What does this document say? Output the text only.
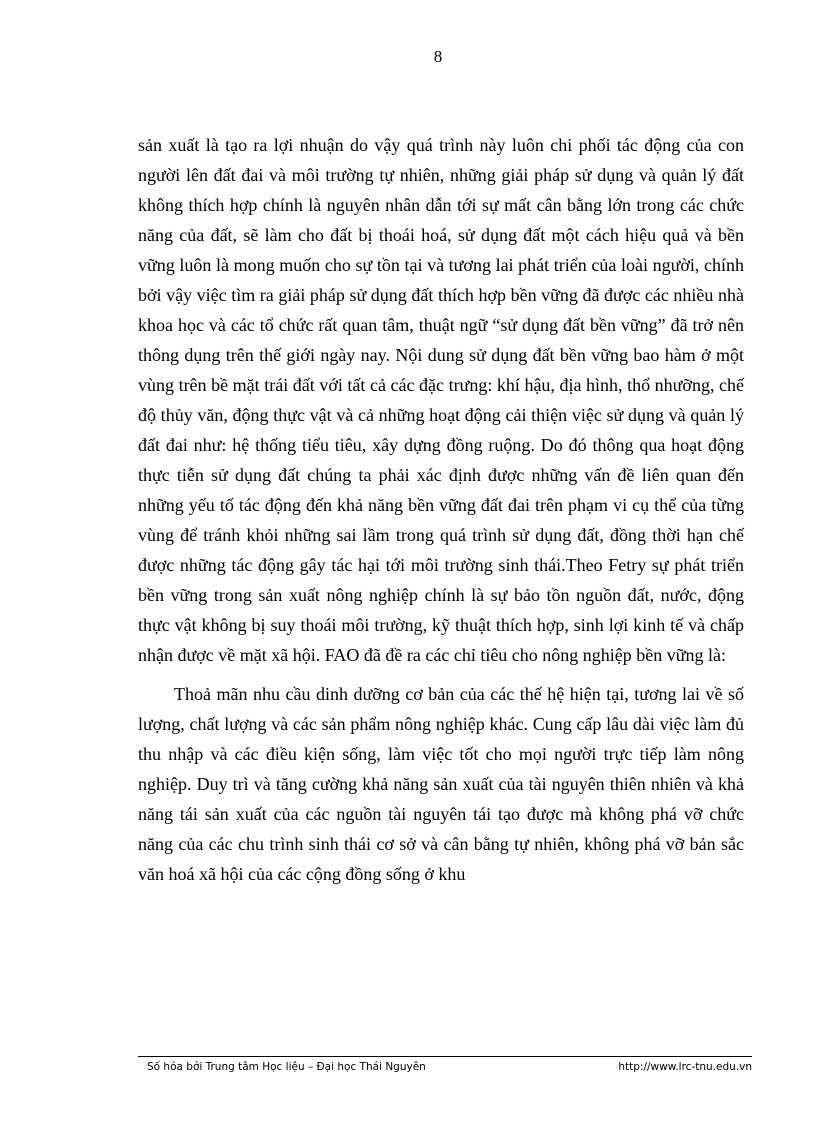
8

sản xuất là tạo ra lợi nhuận do vậy quá trình này luôn chi phối tác động của con người lên đất đai và môi trường tự nhiên, những giải pháp sử dụng và quản lý đất không thích hợp chính là nguyên nhân dẫn tới sự mất cân bằng lớn trong các chức năng của đất, sẽ làm cho đất bị thoái hoá, sử dụng đất một cách hiệu quả và bền vững luôn là mong muốn cho sự tồn tại và tương lai phát triển của loài người, chính bởi vậy việc tìm ra giải pháp sử dụng đất thích hợp bền vững đã được các nhiều nhà khoa học và các tổ chức rất quan tâm, thuật ngữ “sử dụng đất bền vững” đã trở nên thông dụng trên thế giới ngày nay. Nội dung sử dụng đất bền vững bao hàm ở một vùng trên bề mặt trái đất với tất cả các đặc trưng: khí hậu, địa hình, thổ nhưỡng, chế độ thủy văn, động thực vật và cả những hoạt động cải thiện việc sử dụng và quản lý đất đai như: hệ thống tiểu tiêu, xây dựng đồng ruộng. Do đó thông qua hoạt động thực tiễn sử dụng đất chúng ta phải xác định được những vấn đề liên quan đến những yếu tố tác động đến khả năng bền vững đất đai trên phạm vi cụ thể của từng vùng để tránh khỏi những sai lầm trong quá trình sử dụng đất, đồng thời hạn chế được những tác động gây tác hại tới môi trường sinh thái.Theo Fetry sự phát triển bền vững trong sản xuất nông nghiệp chính là sự bảo tồn nguồn đất, nước, động thực vật không bị suy thoái môi trường, kỹ thuật thích hợp, sinh lợi kinh tế và chấp nhận được về mặt xã hội. FAO đã đề ra các chỉ tiêu cho nông nghiệp bền vững là:

Thoả mãn nhu cầu dinh dưỡng cơ bản của các thế hệ hiện tại, tương lai về số lượng, chất lượng và các sản phẩm nông nghiệp khác. Cung cấp lâu dài việc làm đủ thu nhập và các điều kiện sống, làm việc tốt cho mọi người trực tiếp làm nông nghiệp. Duy trì và tăng cường khả năng sản xuất của tài nguyên thiên nhiên và khả năng tái sản xuất của các nguồn tài nguyên tái tạo được mà không phá vỡ chức năng của các chu trình sinh thái cơ sở và cân bằng tự nhiên, không phá vỡ bản sắc văn hoá xã hội của các cộng đồng sống ở khu

Số hóa bởi Trung tâm Học liệu – Đại học Thái Nguyên	http://www.lrc-tnu.edu.vn
